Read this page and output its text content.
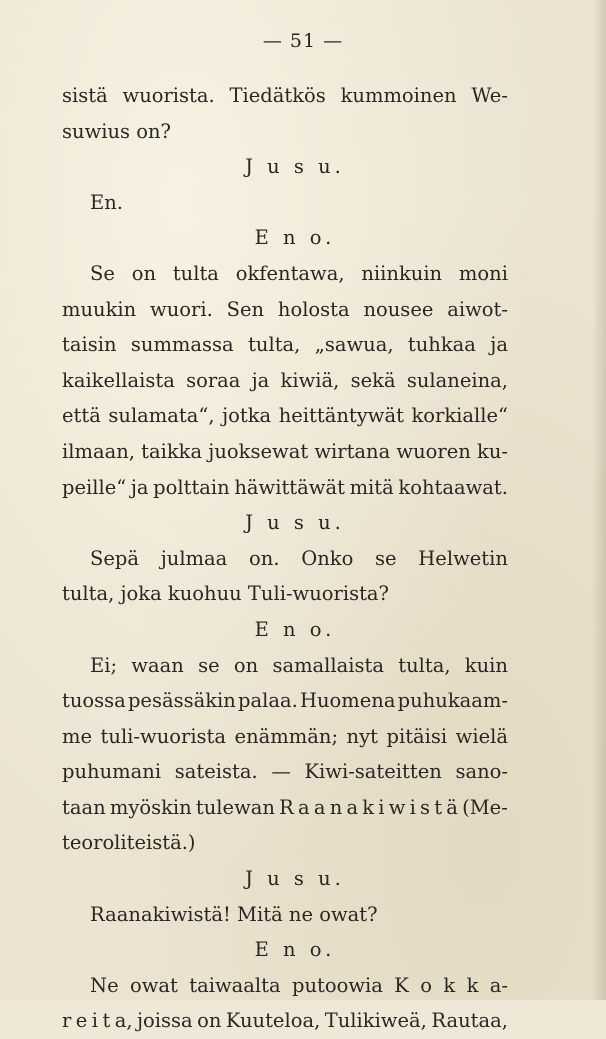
— 51 —
sistä wuorista. Tiedätkös kummoinen We-
suwius on?
J u s u.
En.
E n o.
Se on tulta okfentawa, niinkuin moni
muukin wuori. Sen holosta nousee aiwot-
taisin summassa tulta, „sawua, tuhkaa ja
kaikellaista soraa ja kiwiä, sekä sulaneina,
että sulamata“, jotka heittäntywät korkialle“
ilmaan, taikka juoksewat wirtana wuoren ku-
peille“ ja polttain häwittäwät mitä kohtaawat.
J u s u.
Sepä julmaa on. Onko se Helwetin
tulta, joka kuohuu Tuli-wuorista?
E n o.
Ei; waan se on samallaista tulta, kuin
tuossa pesässäkin palaa. Huomena puhukaam-
me tuli-wuorista enämmän; nyt pitäisi wielä
puhumani sateista. — Kiwi-sateitten sano-
taan myöskin tulewan R a a n a k i w i s t ä (Me-
teoroliteistä.)
J u s u.
Raanakiwistä! Mitä ne owat?
E n o.
Ne owat taiwaalta putoowia K o k k a-
r e i t a, joissa on Kuuteloa, Tulikiweä, Rautaa,
